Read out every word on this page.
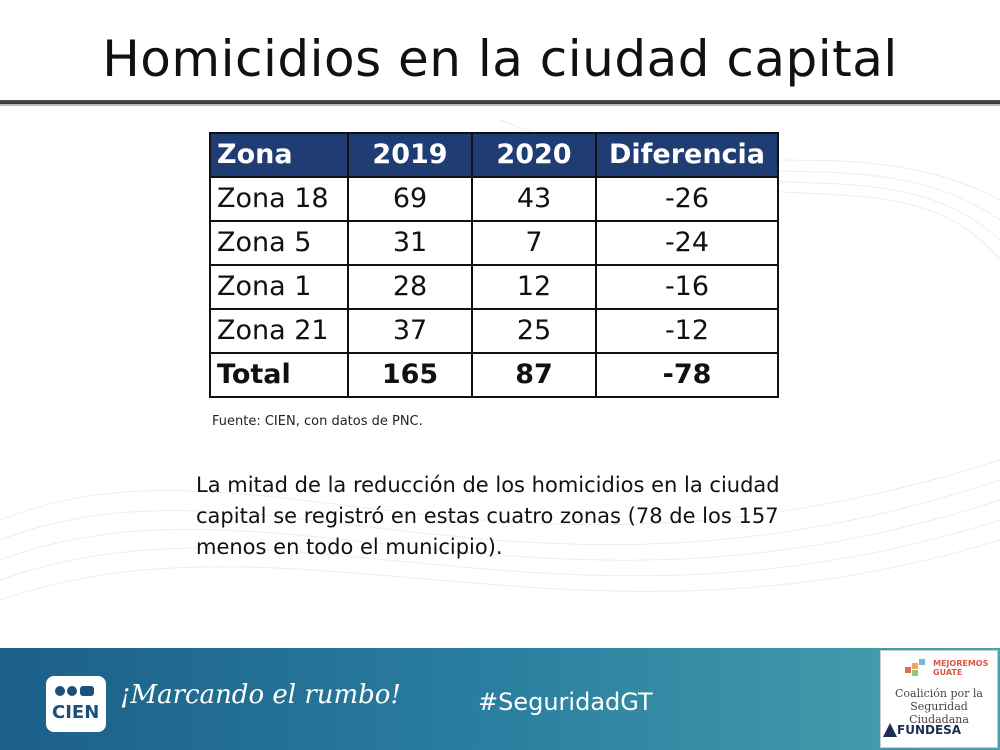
Homicidios en la ciudad capital
Zona	2019	2020	Diferencia
Zona 18	69	43	-26
Zona 5	31	7	-24
Zona 1	28	12	-16
Zona 21	37	25	-12
Total	165	87	-78
Fuente: CIEN, con datos de PNC.
La mitad de la reducción de los homicidios en la ciudad capital se registró en estas cuatro zonas (78 de los 157 menos en todo el municipio).
CIEN
¡Marcando el rumbo!	#SeguridadGT
MEJOREMOS
GUATE
Coalición por la Seguridad Ciudadana
FUNDESA
